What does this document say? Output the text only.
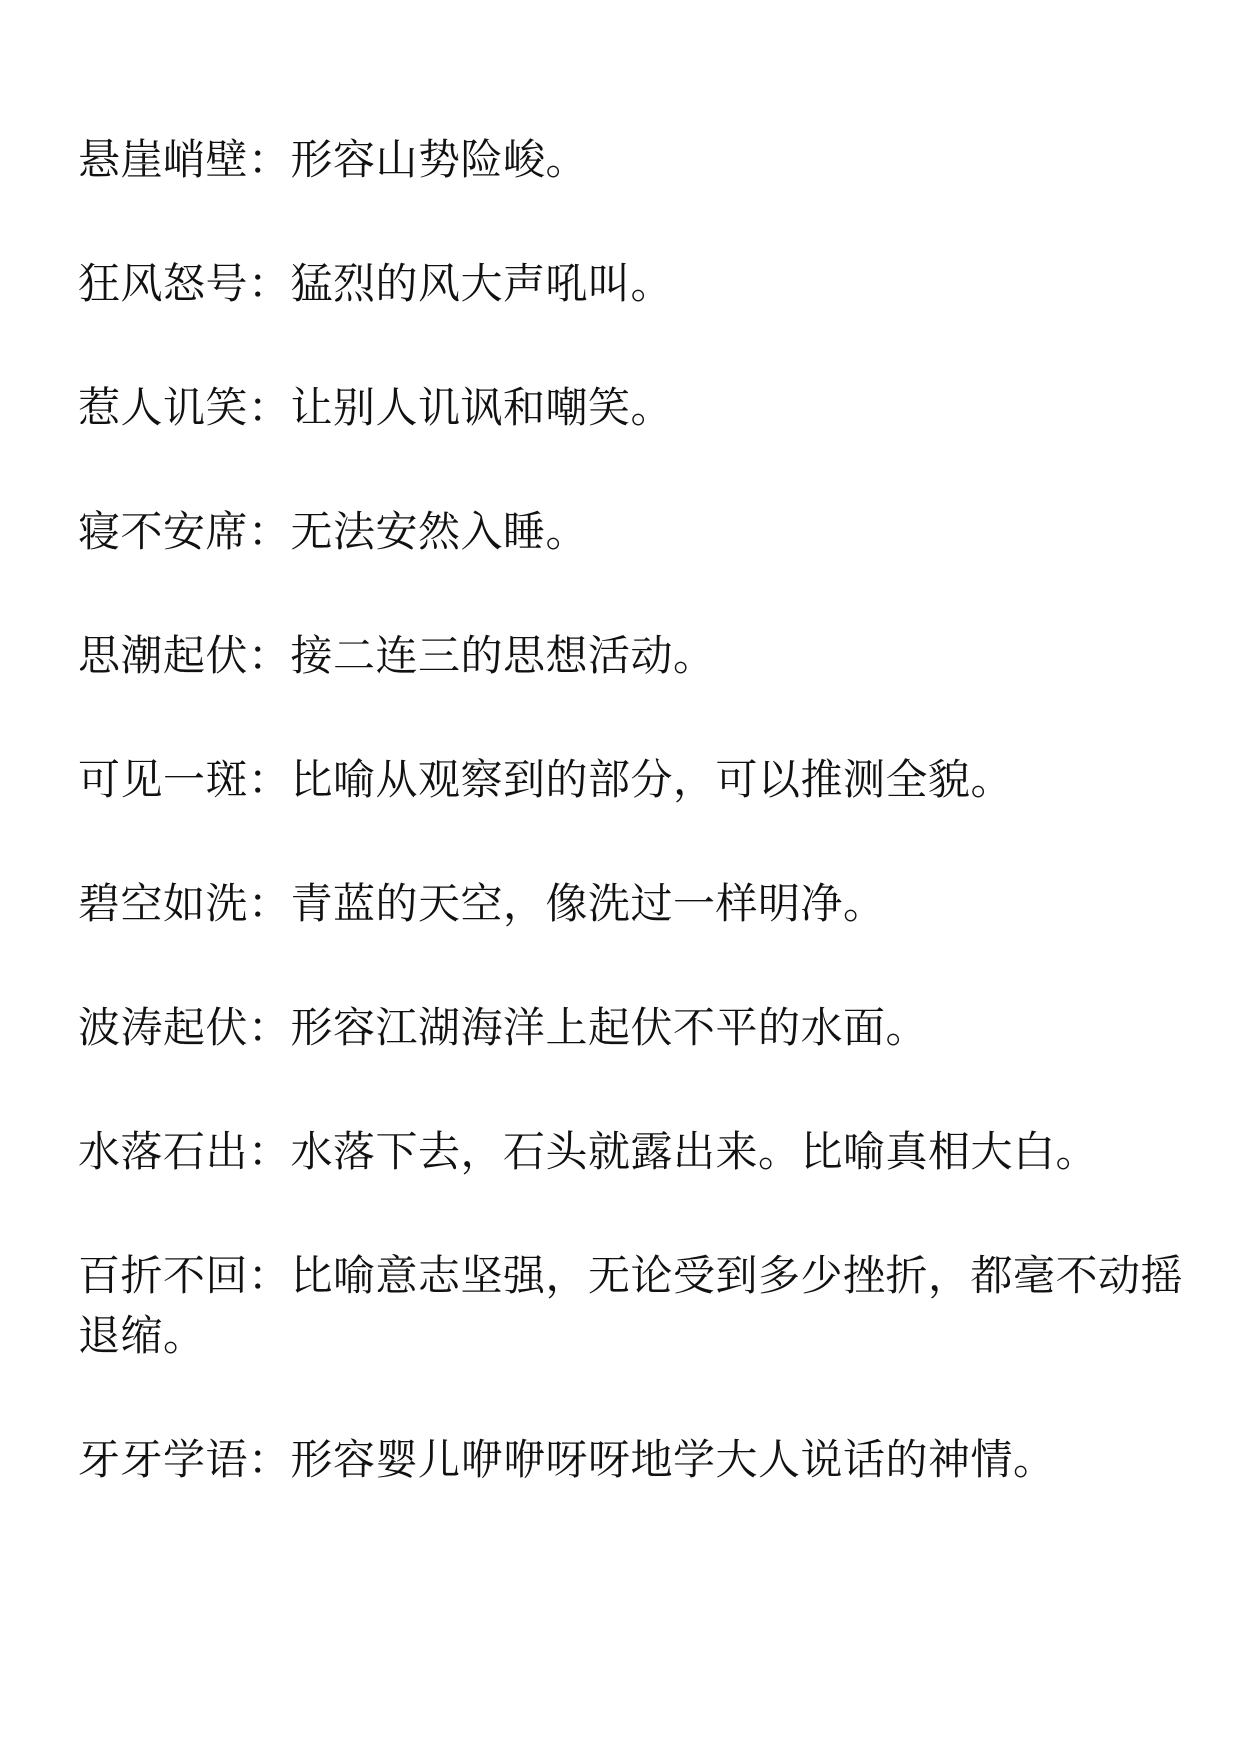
悬崖峭壁：形容山势险峻。

狂风怒号：猛烈的风大声吼叫。

惹人讥笑：让别人讥讽和嘲笑。

寝不安席：无法安然入睡。

思潮起伏：接二连三的思想活动。

可见一斑：比喻从观察到的部分，可以推测全貌。

碧空如洗：青蓝的天空，像洗过一样明净。

波涛起伏：形容江湖海洋上起伏不平的水面。

水落石出：水落下去，石头就露出来。比喻真相大白。

百折不回：比喻意志坚强，无论受到多少挫折，都毫不动摇退缩。

牙牙学语：形容婴儿咿咿呀呀地学大人说话的神情。
